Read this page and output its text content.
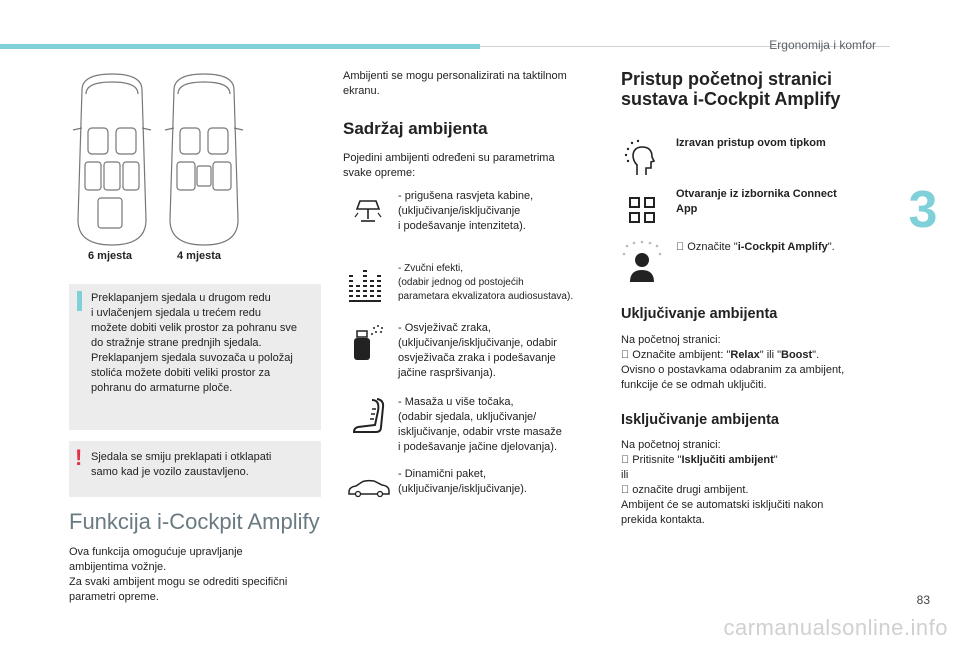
Ergonomija i komfor
3
6 mjesta	4 mjesta
Preklapanjem sjedala u drugom redu
i uvlačenjem sjedala u trećem redu
možete dobiti velik prostor za pohranu sve
do stražnje strane prednjih sjedala.
Preklapanjem sjedala suvozača u položaj
stolića možete dobiti veliki prostor za
pohranu do armaturne ploče.
! Sjedala se smiju preklapati i otklapati
samo kad je vozilo zaustavljeno.
Funkcija i-Cockpit Amplify
Ova funkcija omogućuje upravljanje
ambijentima vožnje.
Za svaki ambijent mogu se odrediti specifični
parametri opreme.
Ambijenti se mogu personalizirati na taktilnom
ekranu.
Sadržaj ambijenta
Pojedini ambijenti određeni su parametrima
svake opreme:
- prigušena rasvjeta kabine,
(uključivanje/isključivanje
i podešavanje intenziteta).
- Zvučni efekti,
(odabir jednog od postojećih
parametara ekvalizatora audiosustava).
- Osvježivač zraka,
(uključivanje/isključivanje, odabir
osvježivača zraka i podešavanje
jačine raspršivanja).
- Masaža u više točaka,
(odabir sjedala, uključivanje/
isključivanje, odabir vrste masaže
i podešavanje jačine djelovanja).
- Dinamični paket,
(uključivanje/isključivanje).
Pristup početnoj stranici
sustava i-Cockpit Amplify
Izravan pristup ovom tipkom
Otvaranje iz izbornika Connect
App
Označite "i-Cockpit Amplify".
Uključivanje ambijenta
Na početnoj stranici:
Označite ambijent: "Relax" ili "Boost".
Ovisno o postavkama odabranim za ambijent,
funkcije će se odmah uključiti.
Isključivanje ambijenta
Na početnoj stranici:
Pritisnite "Isključiti ambijent"
ili
označite drugi ambijent.
Ambijent će se automatski isključiti nakon
prekida kontakta.
83
carmanualsonline.info
